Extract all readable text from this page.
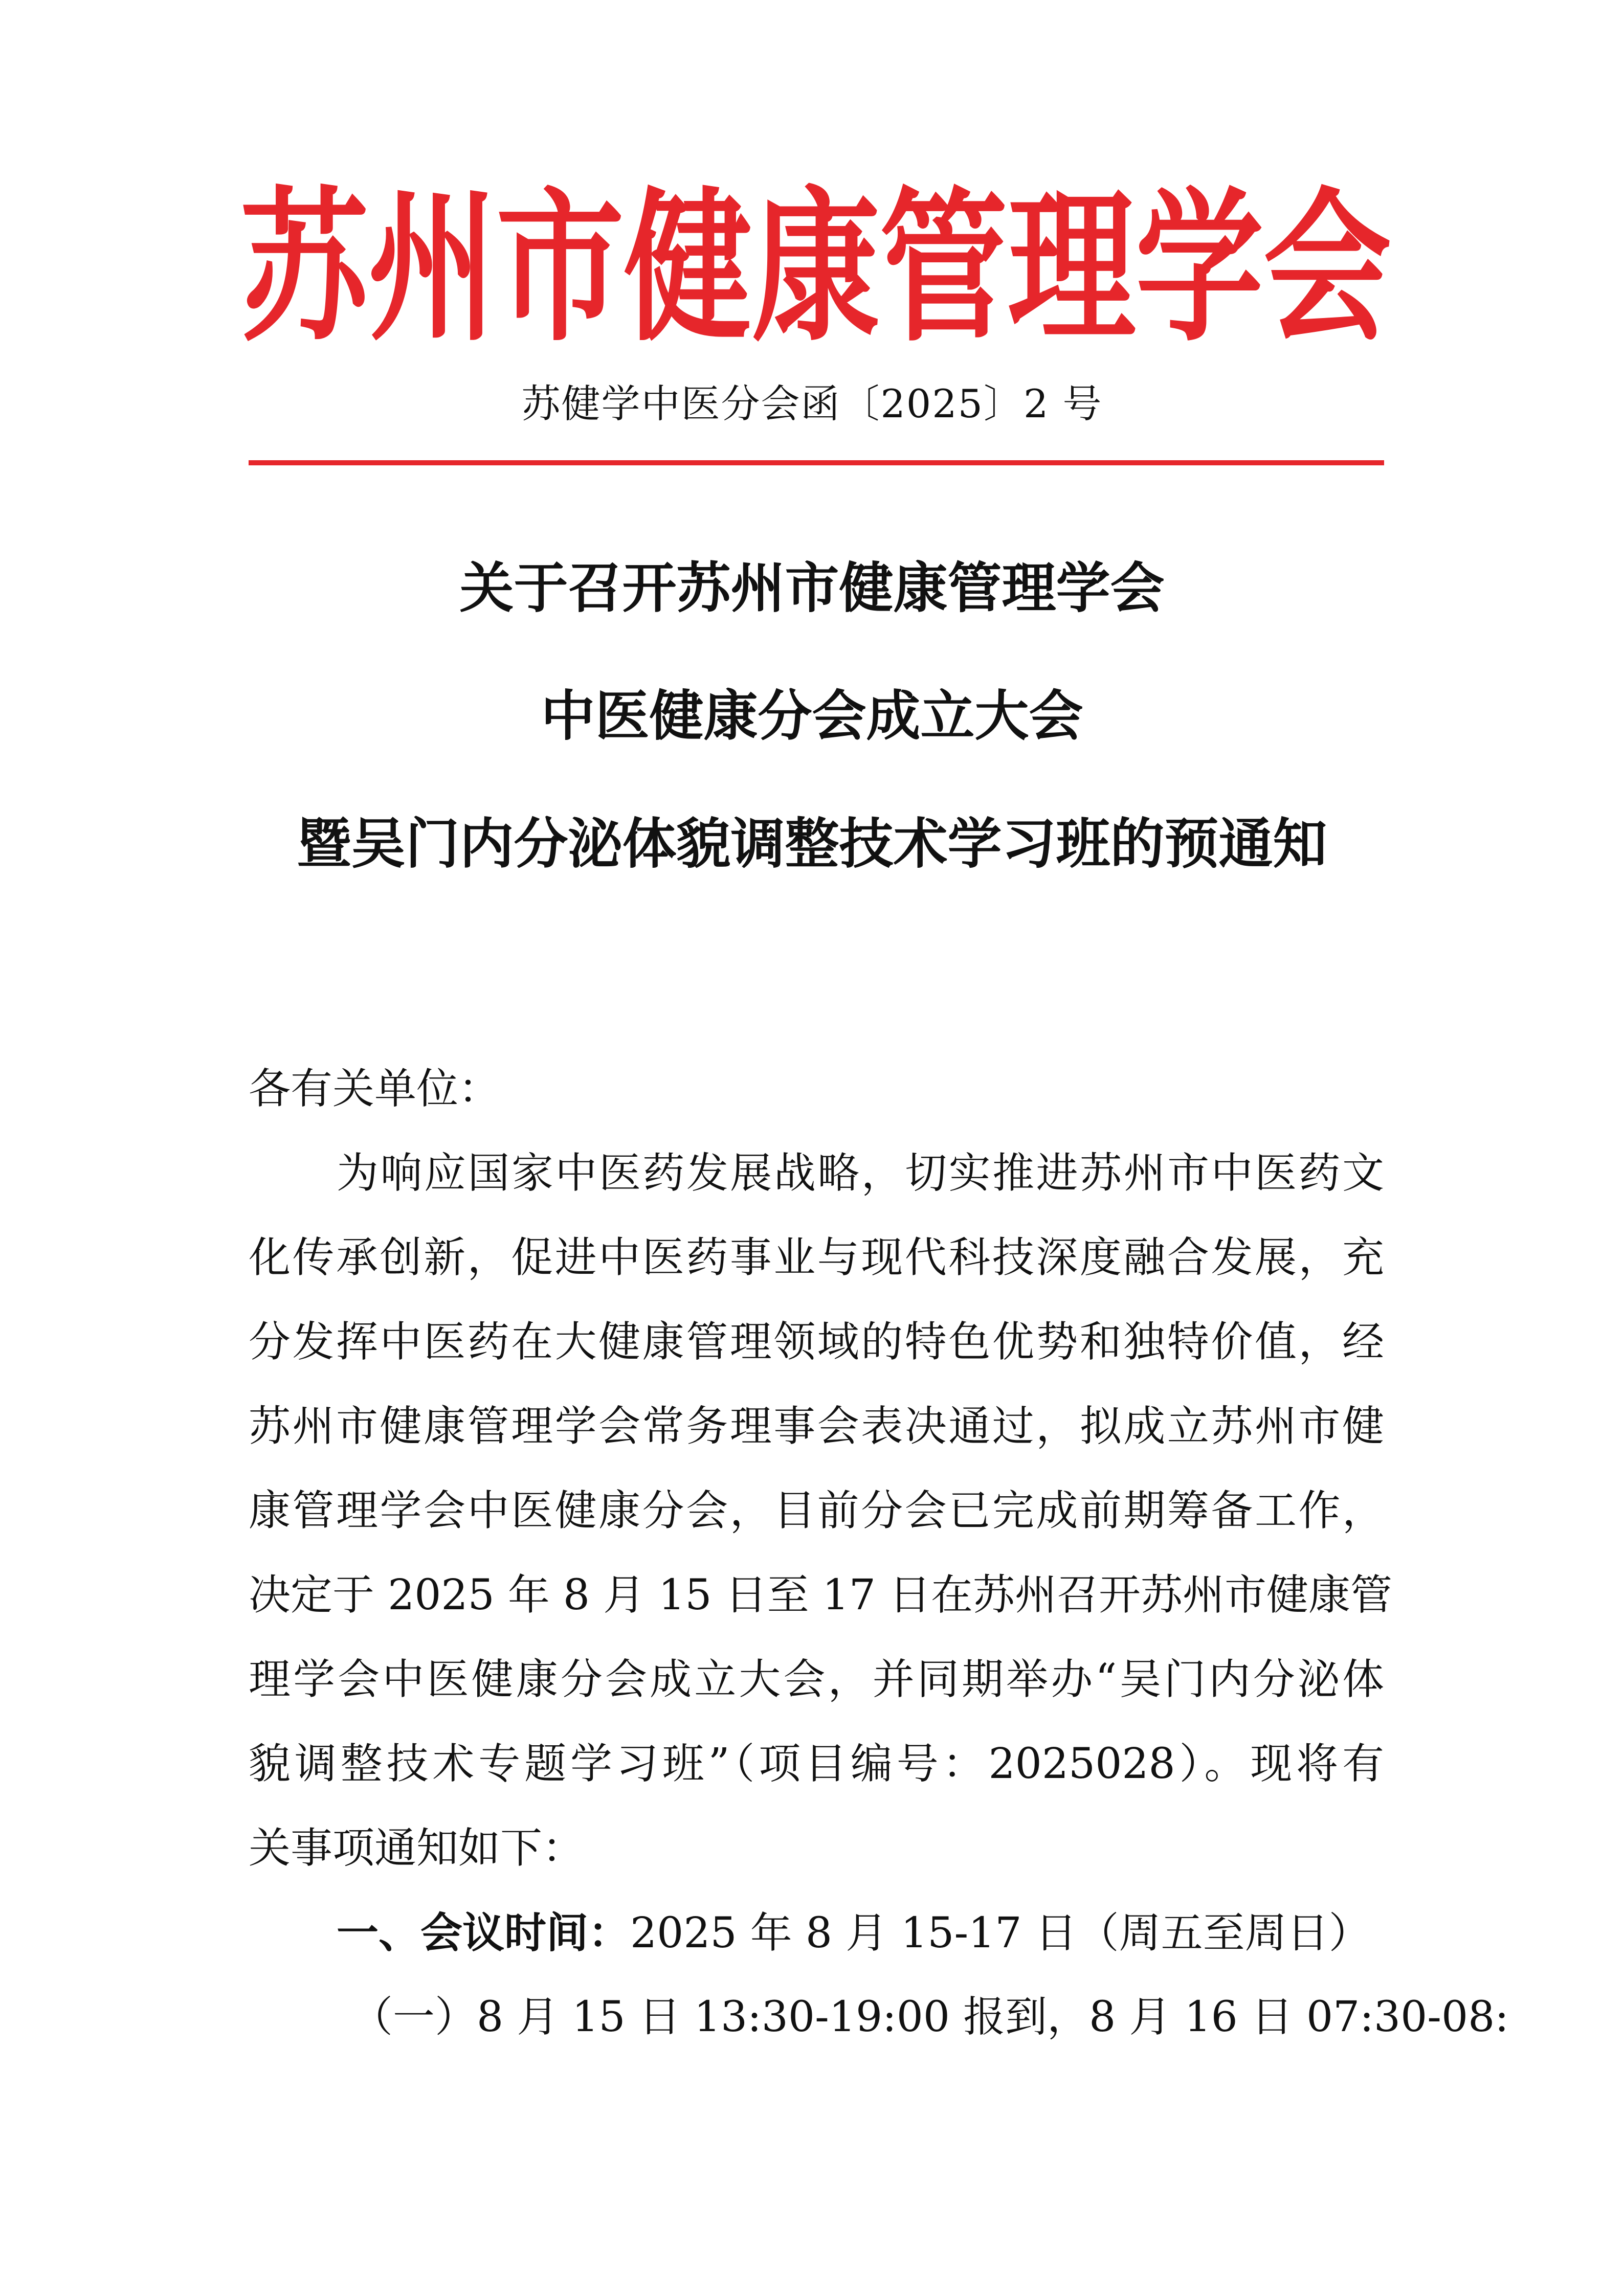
苏 州 市 健 康 管 理 学 会
苏健学中医分会函〔2025〕2 号
关于召开苏州市健康管理学会
中医健康分会成立大会
暨吴门内分泌体貌调整技术学习班的预通知
各有关单位：
为响应国家中医药发展战略，切实推进苏州市中医药文
化传承创新，促进中医药事业与现代科技深度融合发展，充
分发挥中医药在大健康管理领域的特色优势和独特价值，经
苏州市健康管理学会常务理事会表决通过，拟成立苏州市健
康管理学会中医健康分会，目前分会已完成前期筹备工作，
决定于 2025 年 8 月 15 日至 17 日在苏州召开苏州市健康管
理学会中医健康分会成立大会，并同期举办“吴门内分泌体
貌调整技术专题学习班”（项目编号：2025028）。现将有
关事项通知如下：
一、会议时间：2025 年 8 月 15-17 日（周五至周日）
（一）8 月 15 日 13:30-19:00 报到，8 月 16 日 07:30-08:
